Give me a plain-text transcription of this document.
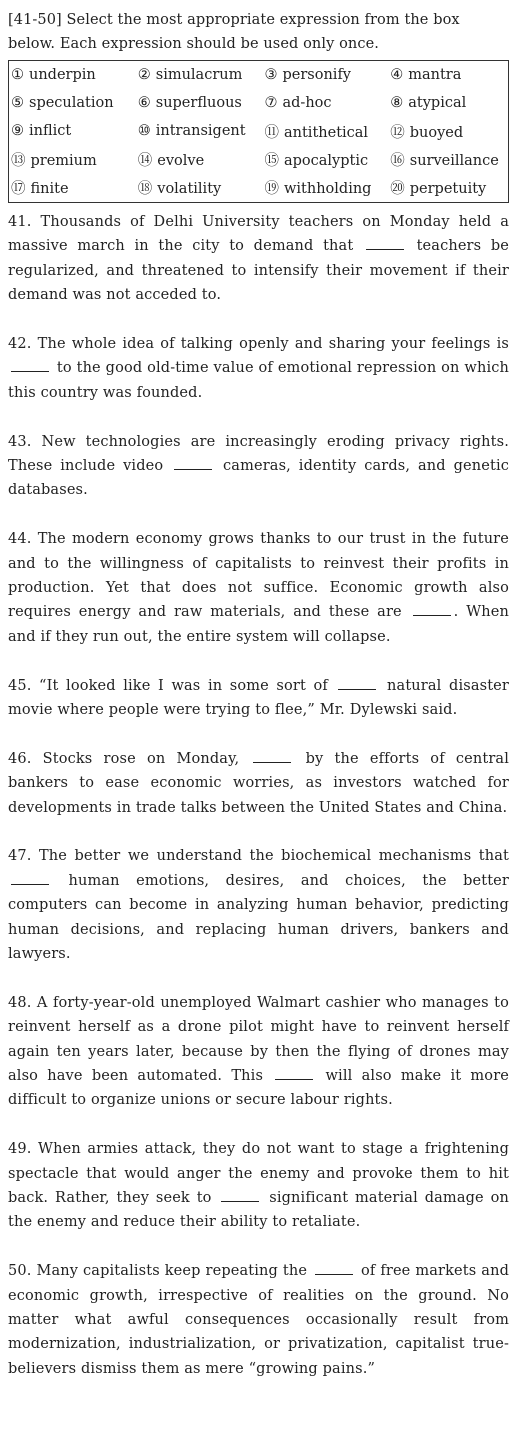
[41-50] Select the most appropriate expression from the box below. Each expression should be used only once.

① underpin	② simulacrum	③ personify	④ mantra
⑤ speculation	⑥ superfluous	⑦ ad-hoc	⑧ atypical
⑨ inflict	⑩ intransigent	⑪ antithetical	⑫ buoyed
⑬ premium	⑭ evolve	⑮ apocalyptic	⑯ surveillance
⑰ finite	⑱ volatility	⑲ withholding	⑳ perpetuity

41. Thousands of Delhi University teachers on Monday held a massive march in the city to demand that	teachers be regularized, and threatened to intensify their movement if their demand was not acceded to.

42. The whole idea of talking openly and sharing your feelings is  to the good old-time value of emotional repression on which this country was founded.

43. New technologies are increasingly eroding privacy rights. These include video	cameras, identity cards, and genetic databases.

44. The modern economy grows thanks to our trust in the future and to the willingness of capitalists to reinvest their profits in production. Yet that does not suffice. Economic growth also requires energy and raw materials, and these are	. When and if they run out, the entire system will collapse.

45. “It looked like I was in some sort of	natural disaster movie where people were trying to flee,” Mr. Dylewski said.

46. Stocks rose on Monday,	by the efforts of central bankers to ease economic worries, as investors watched for developments in trade talks between the United States and China.

47. The better we understand the biochemical mechanisms that  human emotions, desires, and choices, the better computers can become in analyzing human behavior, predicting human decisions, and replacing human drivers, bankers and lawyers.

48. A forty-year-old unemployed Walmart cashier who manages to reinvent herself as a drone pilot might have to reinvent herself again ten years later, because by then the flying of drones may also have been automated. This	will also make it more difficult to organize unions or secure labour rights.

49. When armies attack, they do not want to stage a frightening spectacle that would anger the enemy and provoke them to hit back. Rather, they seek to	significant material damage on the enemy and reduce their ability to retaliate.

50. Many capitalists keep repeating the	of free markets and economic growth, irrespective of realities on the ground. No matter what awful consequences occasionally result from modernization, industrialization, or privatization, capitalist true-believers dismiss them as mere “growing pains.”
